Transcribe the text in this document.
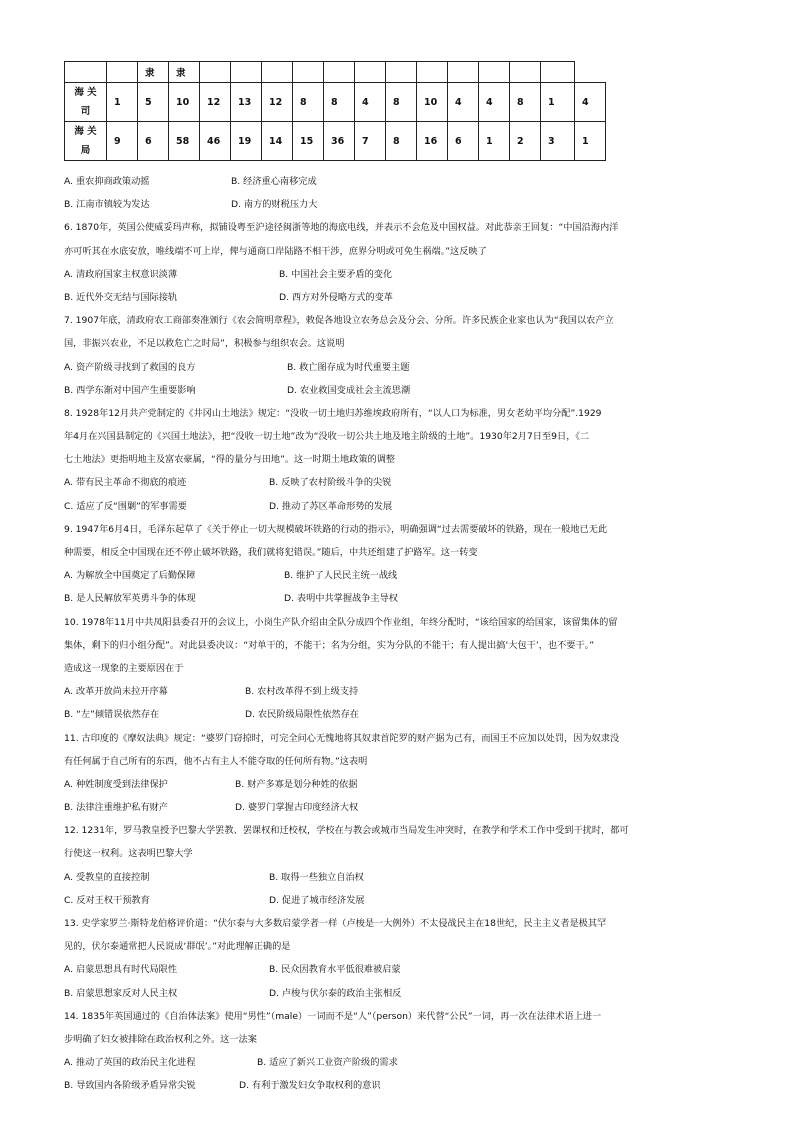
		隶	隶													

海 关
司	1	5	10	12	13	12	8	8	4	8	10	4	4	8	1	4

海 关
局	9	6	58	46	19	14	15	36	7	8	16	6	1	2	3	1
A. 重农抑商政策动摇	B. 经济重心南移完成
B. 江南市镇较为发达	D. 南方的财税压力大
6. 1870年，英国公使威妥玛声称，拟铺设粤至沪途径闽浙等地的海底电线，并表示不会危及中国权益。对此恭亲王回复：“中国沿海内洋
亦可听其在水底安放，唯线端不可上岸，俾与通商口岸陆路不相干涉，庶界分明或可免生祸端。”这反映了
A. 清政府国家主权意识淡薄	B. 中国社会主要矛盾的变化
B. 近代外交无结与国际接轨	D. 西方对外侵略方式的变革
7. 1907年底，清政府农工商部奏准颁行《农会简明章程》，敕促各地设立农务总会及分会、分所。许多民族企业家也认为“我国以农产立
国，非振兴农业，不足以救危亡之时局”，积极参与组织农会。这说明
A. 资产阶级寻找到了救国的良方	B. 救亡图存成为时代重要主题
B. 西学东渐对中国产生重要影响	D. 农业救国变成社会主流思潮
8. 1928年12月共产党制定的《井冈山土地法》规定：“没收一切土地归苏维埃政府所有，“以人口为标准，男女老幼平均分配”.1929
年4月在兴国县制定的《兴国土地法》，把“没收一切土地”改为“没收一切公共土地及地主阶级的土地”。1930年2月7日至9日，《二
七土地法》更指明地主及富农豪属，“得的量分与田地”。这一时期土地政策的调整
A. 带有民主革命不彻底的痕迹	B. 反映了农村阶级斗争的尖锐
C. 适应了反“围剿”的军事需要	D. 推动了苏区革命形势的发展
9. 1947年6月4日，毛泽东起草了《关于停止一切大规模破坏铁路的行动的指示》，明确强调“过去需要破坏的铁路，现在一般地已无此
种需要，相反全中国现在还不停止破坏铁路，我们就将犯错误。”随后，中共还组建了护路军。这一转变
A. 为解放全中国奠定了后勤保障	B. 维护了人民民主统一战线
B. 是人民解放军英勇斗争的体现	D. 表明中共掌握战争主导权
10. 1978年11月中共凤阳县委召开的会议上，小岗生产队介绍由全队分成四个作业组，年终分配时，“该给国家的给国家，该留集体的留
集体，剩下的归小组分配”。对此县委决议：“对单干的，不能干；名为分组，实为分队的不能干；有人提出搞‘大包干’，也不要干。”
造成这一现象的主要原因在于
A. 改革开放尚未拉开序幕	B. 农村改革得不到上级支持
B. “左”倾错误依然存在	D. 农民阶级局限性依然存在
11. 古印度的《摩奴法典》规定：“婆罗门窃掠时，可完全问心无愧地将其奴隶首陀罗的财产据为己有，而国王不应加以处罚，因为奴隶没
有任何属于自己所有的东西，他不占有主人不能夺取的任何所有物。”这表明
A. 种姓制度受到法律保护	B. 财产多寡是划分种姓的依据
B. 法律注重维护私有财产	D. 婆罗门掌握古印度经济大权
12. 1231年，罗马教皇授予巴黎大学罢教、罢课权和迁校权，学校在与教会或城市当局发生冲突时，在教学和学术工作中受到干扰时，都可
行使这一权利。这表明巴黎大学
A. 受教皇的直接控制	B. 取得一些独立自治权
C. 反对王权干预教育	D. 促进了城市经济发展
13. 史学家罗兰·斯特龙伯格评价道：“伏尔泰与大多数启蒙学者一样（卢梭是一大例外）不太侵战民主在18世纪，民主主义者是极其罕
见的，伏尔泰通常把人民说成‘群氓’。”对此理解正确的是
A. 启蒙思想具有时代局限性	B. 民众因教育水平低很难被启蒙
B. 启蒙思想家反对人民主权	D. 卢梭与伏尔泰的政治主张相反
14. 1835年英国通过的《自治体法案》使用“男性”（male）一词而不是“人”（person）来代替“公民”一词，再一次在法律术语上进一
步明确了妇女被排除在政治权利之外。这一法案
A. 推动了英国的政治民主化进程	B. 适应了新兴工业资产阶级的需求
B. 导致国内各阶级矛盾异常尖锐	D. 有利于激发妇女争取权利的意识
